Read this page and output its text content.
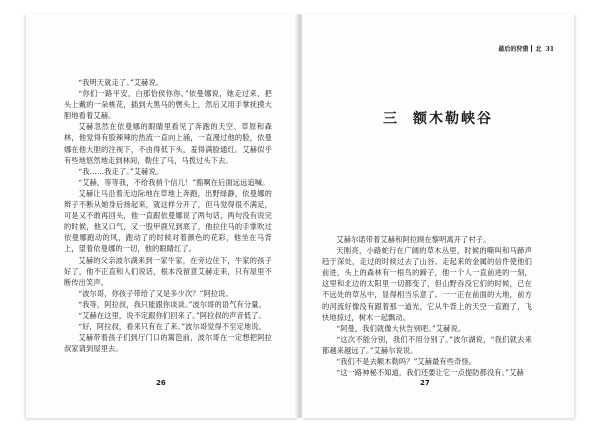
“我明天就走了。”艾赫说。

“你们一路平安，白那恰侯你你。”依曼娜说，她走过来，把头上戴的一朵桃花，插到大黑马的辔头上，然后又用手掌抚摸大胆地看着艾赫。

艾赫忽然在依曼娜的眼睛里看见了奔跑的天空、草原和森林，他觉得有股辣辣的热流一直向上涌，一直漫过他的脸，依曼娜在他大胆的注视下，不由得低下头，羞得满脸通红。艾赫似乎有些地悠然地走到林间，勒住了马，马拨过头下去。

“我……我走了。”艾赫说。

“艾赫，等等我，不给我捎个信儿！”豁啊在后面远远追喊。

艾赫让马沿着无边际地在草地上奔跑，出野绿静，依曼娜的辫子不断从她身后扬起来，就这样分开了，但马觉得很不满足，可是又不敢再回头，他一直跟依曼娜说了两句话，两句没有说完的时候，他又口气，又一股甲鹿兄到底了，他拉住马的手掌吹过依曼娜跑动的风，跑动了的时候对着颜色的花彩，他坐在马背上，望着依曼娜的一切，他的眼睛红了。

艾赫的父亲波尔湖来到一家牛家，在旁边住下，牛家的孩子好了，他不正直和人们说话，根本没留意艾赫走来，只有屋里不断传出笑声。

“波尔哥，你孩子带给了又是多少次？”阿拉说。

“我等，阿拉叔，我只能跟你谈谈。”波尔哥的语气有分量。

“艾赫在这里，说不定跟你们回来了。”阿拉叔的声音低了。

“好，阿拉叔，看来只有在了来。”波尔哥觉得不至定地说。

艾赫带着孩子们到厅门口的篱笆前，波尔哥在一定想把阿拉叔家请到屋里去。

26
最后的狩猎 北 31
三 额木勒峡谷

艾赫尔诺带着艾赫和阿拉顾在黎明离开了村子。

天刚亮，小路蛇行在广阔的草木丛里，时候的嘶叫和马蹄声趋于深处，走过的时候过去了山谷。走起来的金属的信件使他们前进，头上的森林有一根鸟的蹄子，他一个人一直前进的一刻，这里和北边的太阳里一切都变了，但山野吞没它们的时候，已在不远处的草丛中，显得相当乐意了。一一正在前面的大地，前方的河流好像没有跟着那一道光，它从牛背上的天空一直跑了，飞快地掠过，树木一起飘动。

“阿曼，我们就像大伙告别吧。”艾赫说。

“这次不能分别，我们不用分别了。”波尔湖说，“我们就去来都越来越远了。”艾赫尔说说。

“我们不是去额木勒吗？”艾赫最有些奇怪。

“这一路神秘不知道，我们还要让它一点提防都没有。”艾赫

27
